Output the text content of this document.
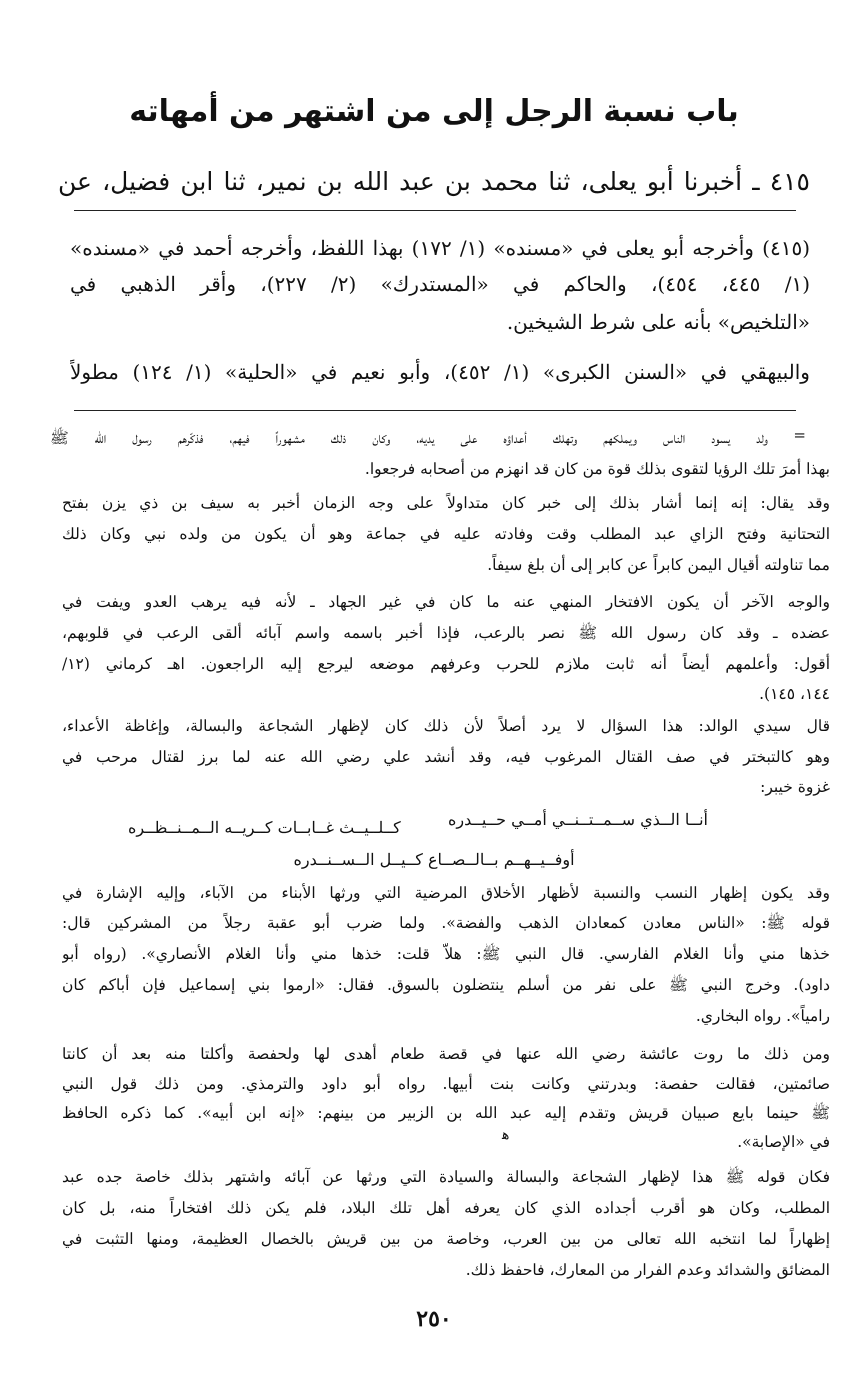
باب نسبة الرجل إلى من اشتهر من أمهاته
٤١٥ ـ أخبرنا أبو يعلى، ثنا محمد بن عبد الله بن نمير، ثنا ابن فضيل، عن
(٤١٥) وأخرجه أبو يعلى في «مسنده» (١/ ١٧٢) بهذا اللفظ، وأخرجه أحمد في «مسنده»
(١/ ٤٤٥، ٤٥٤)، والحاكم في «المستدرك» (٢/ ٢٢٧)، وأقر الذهبي في
«التلخيص» بأنه على شرط الشيخين.
والبيهقي في «السنن الكبرى» (١/ ٤٥٢)، وأبو نعيم في «الحلية» (١/ ١٢٤) مطولاً
=
ولد يسود الناس ويملكهم وتهلك أعداؤه على يديه، وكان ذلك مشهوراً فيهم، فذكّرهم رسول الله ﷺ
بهذا أمرَ تلك الرؤيا لتقوى بذلك قوة من كان قد انهزم من أصحابه فرجعوا.
وقد يقال: إنه إنما أشار بذلك إلى خبر كان متداولاً على وجه الزمان أخبر به سيف بن ذي يزن بفتح
التحتانية وفتح الزاي عبد المطلب وقت وفادته عليه في جماعة وهو أن يكون من ولده نبي وكان ذلك
مما تناولته أقيال اليمن كابراً عن كابر إلى أن بلغ سيفاً.
والوجه الآخر أن يكون الافتخار المنهي عنه ما كان في غير الجهاد ـ لأنه فيه يرهب العدو ويفت في
عضده ـ وقد كان رسول الله ﷺ نصر بالرعب، فإذا أخبر باسمه واسم آبائه ألقى الرعب في قلوبهم،
أقول: وأعلمهم أيضاً أنه ثابت ملازم للحرب وعرفهم موضعه ليرجع إليه الراجعون. اهـ كرماني (١٢/
١٤٤، ١٤٥).
قال سيدي الوالد: هذا السؤال لا يرد أصلاً لأن ذلك كان لإظهار الشجاعة والبسالة، وإغاظة الأعداء،
وهو كالتبختر في صف القتال المرغوب فيه، وقد أنشد علي رضي الله عنه لما برز لقتال مرحب في
غزوة خيبر:
أنــا الــذي ســمــتــنــي أمــي حــيــدره
كــلــيــث غــابــات كــريــه الــمــنــظــره
أوفــيــهــم بــالــصــاع كــيــل الــســنــدره
وقد يكون إظهار النسب والنسبة لأظهار الأخلاق المرضية التي ورثها الأبناء من الآباء، وإليه الإشارة في
قوله ﷺ: «الناس معادن كمعادان الذهب والفضة». ولما ضرب أبو عقبة رجلاً من المشركين قال:
خذها مني وأنا الغلام الفارسي. قال النبي ﷺ: هلاّ قلت: خذها مني وأنا الغلام الأنصاري». (رواه أبو
داود). وخرج النبي ﷺ على نفر من أسلم ينتضلون بالسوق. فقال: «ارموا بني إسماعيل فإن أباكم كان
رامياً». رواه البخاري.
ومن ذلك ما روت عائشة رضي الله عنها في قصة طعام أهدى لها ولحفصة وأكلتا منه بعد أن كانتا
صائمتين، فقالت حفصة: وبدرتني وكانت بنت أبيها. رواه أبو داود والترمذي. ومن ذلك قول النبي
ﷺ حينما بايع صبيان قريش وتقدم إليه عبد الله بن الزبير من بينهم: «إنه ابن أبيه». كما ذكره الحافظ
في «الإصابة».
ﻫ
فكان قوله ﷺ هذا لإظهار الشجاعة والبسالة والسيادة التي ورثها عن آبائه واشتهر بذلك خاصة جده عبد
المطلب، وكان هو أقرب أجداده الذي كان يعرفه أهل تلك البلاد، فلم يكن ذلك افتخاراً منه، بل كان
إظهاراً لما انتخبه الله تعالى من بين العرب، وخاصة من بين قريش بالخصال العظيمة، ومنها التثبت في
المضائق والشدائد وعدم الفرار من المعارك، فاحفظ ذلك.
٢٥٠
